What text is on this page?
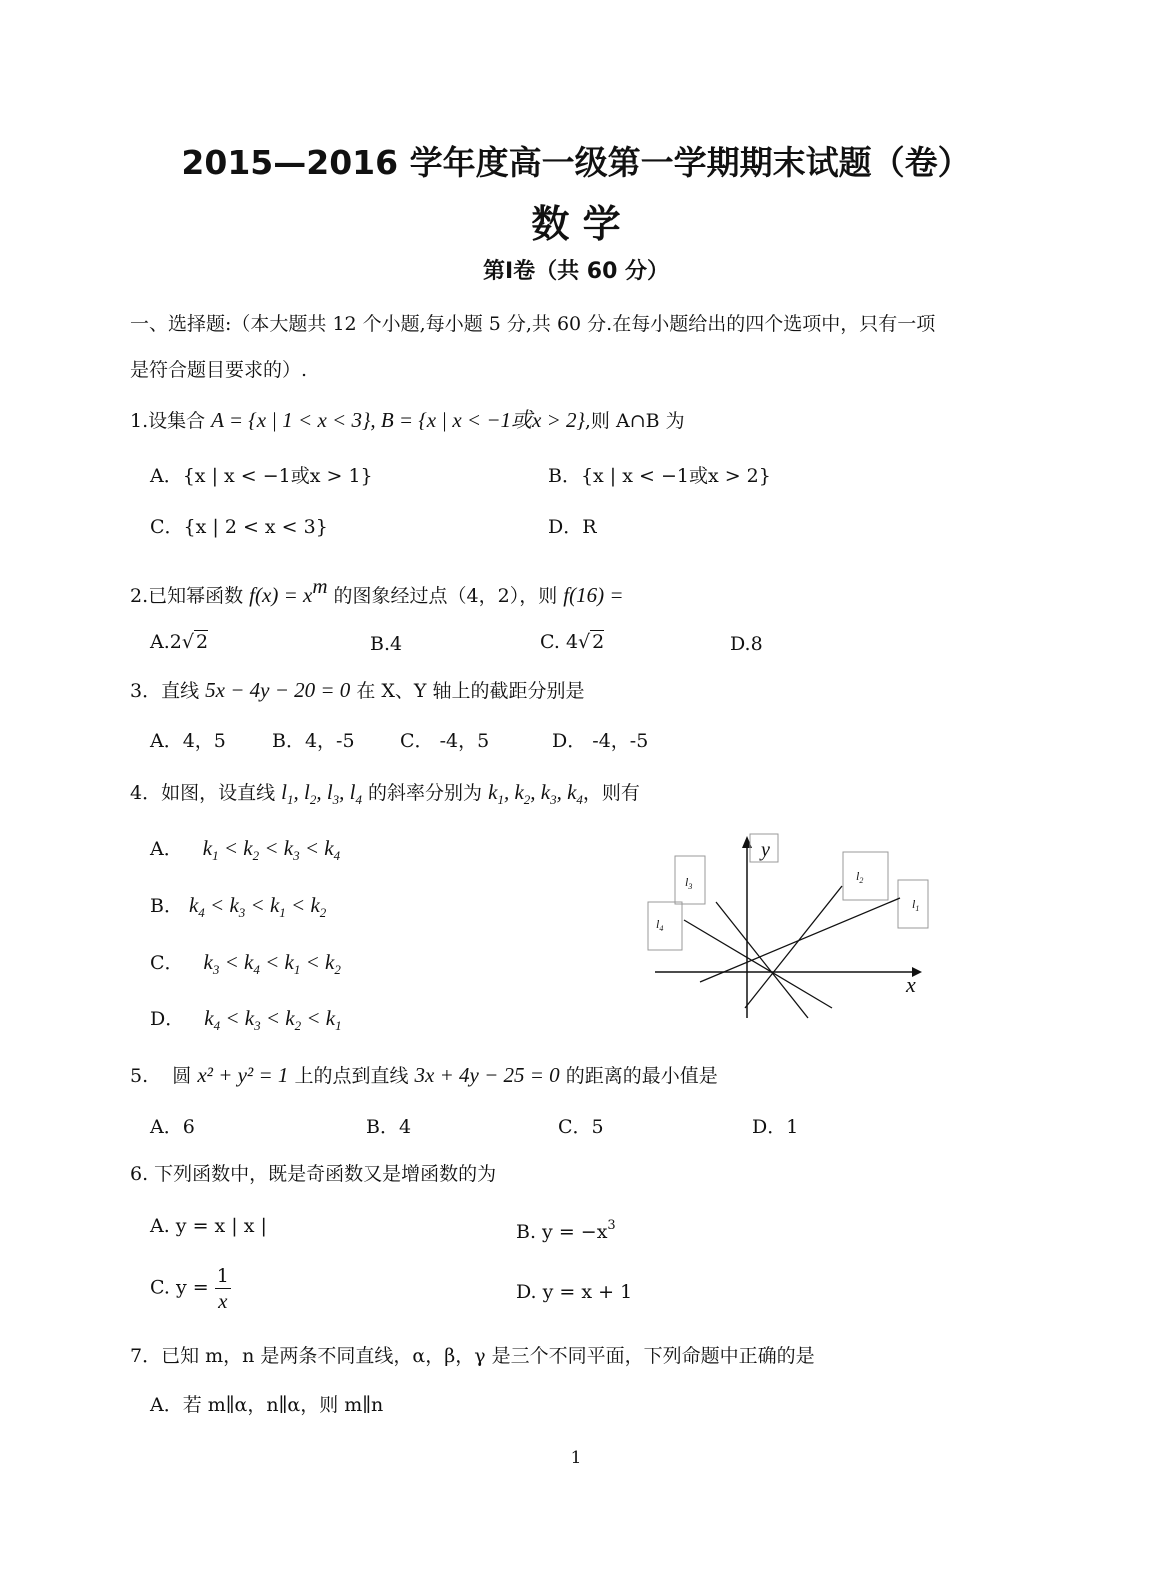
2015—2016 学年度高一级第一学期期末试题（卷）
数 学
第Ⅰ卷（共 60 分）
一、选择题:（本大题共 12 个小题,每小题 5 分,共 60 分.在每小题给出的四个选项中，只有一项
是符合题目要求的）.
1.设集合 A = {x | 1 < x < 3}, B = {x | x < −1或x > 2},则 A∩B 为
A．{x | x < −1或x > 1}	B．{x | x < −1或x > 2}
C．{x | 2 < x < 3}	D．R
2.已知幂函数 $f(x) = x^m$ 的图象经过点（4，2），则 f(16) =
A.2√ 2	B.4	C. 4√ 2	D.8
3．直线 5x − 4y − 20 = 0 在 X、Y 轴上的截距分别是
A．4，5 B．4，-5 C． -4，5	D． -4，-5
4．如图，设直线 $l_1$, $l_2$, $l_3$, $l_4$ 的斜率分别为 $k_1$, $k_2$, $k_3$, $k_4$，则有
A． $k_1 < k_2 < k_3 < k_4$
B． $k_4 < k_3 < k_1 < k_2$
C． $k_3 < k_4 < k_1 < k_2$
D． $k_4 < k_3 < k_2 < k_1$
y
x
$l_3$
$l_4$
$l_2$
$l_1$
5.    圆 x² + y² = 1 上的点到直线 3x + 4y − 25 = 0 的距离的最小值是
A．6	B．4	C．5	D．1
6. 下列函数中，既是奇函数又是增函数的为
A. y = x | x |	B. $y = -x^3$
C. $y = \frac{1}{x}$	D. y = x + 1
7．已知 m，n 是两条不同直线，α，β，γ 是三个不同平面，下列命题中正确的是
A．若 m∥α，n∥α，则 m∥n
1
